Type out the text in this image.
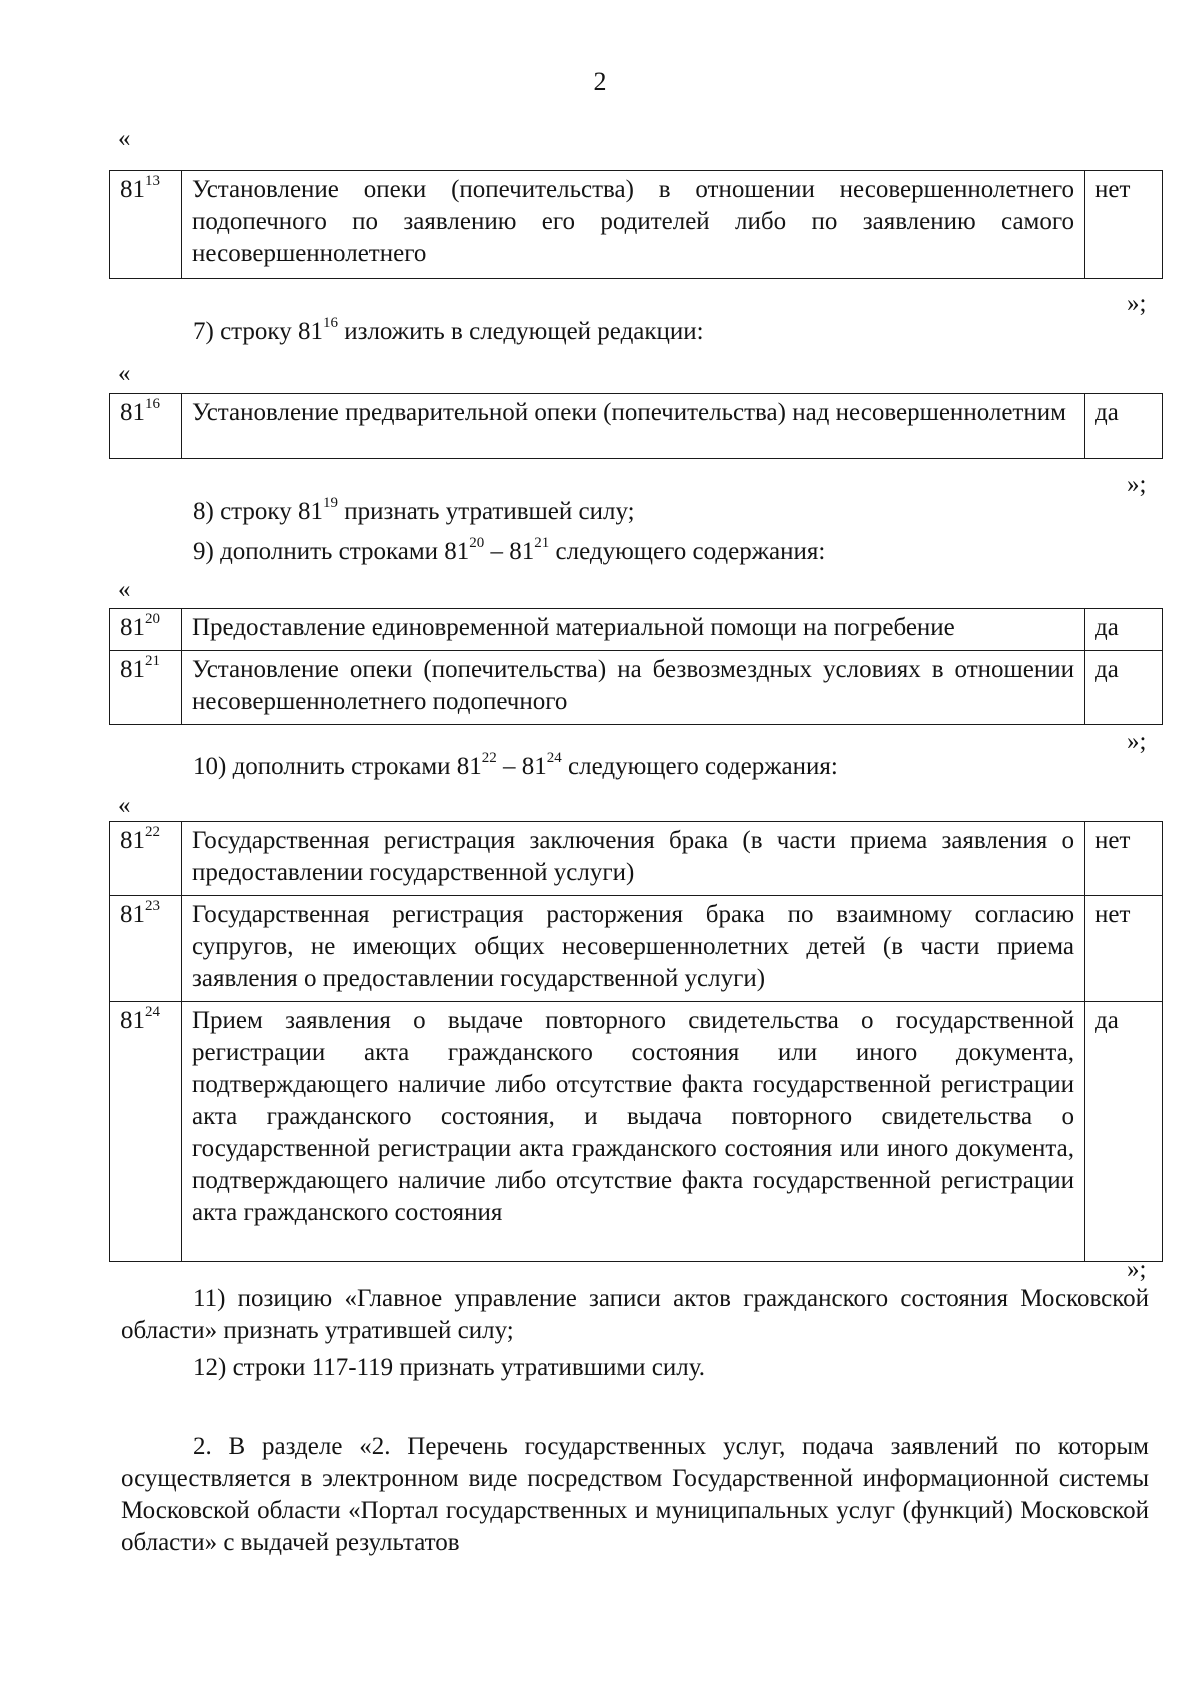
2
«
$81^{13}$	Установление опеки (попечительства) в отношении несовершеннолетнего подопечного по заявлению его родителей либо по заявлению самого несовершеннолетнего	нет
»;
7) строку $81^{16}$ изложить в следующей редакции:
«
$81^{16}$	Установление предварительной опеки (попечительства) над несовершеннолетним	да
»;
8) строку $81^{19}$ признать утратившей силу;
9) дополнить строками $81^{20} - 81^{21}$ следующего содержания:
«
$81^{20}$	Предоставление единовременной материальной помощи на погребение	да
$81^{21}$	Установление опеки (попечительства) на безвозмездных условиях в отношении несовершеннолетнего подопечного	да
»;
10) дополнить строками $81^{22} - 81^{24}$ следующего содержания:
«
$81^{22}$	Государственная регистрация заключения брака (в части приема заявления о предоставлении государственной услуги)	нет
$81^{23}$	Государственная регистрация расторжения брака по взаимному согласию супругов, не имеющих общих несовершеннолетних детей (в части приема заявления о предоставлении государственной услуги)	нет
$81^{24}$	Прием заявления о выдаче повторного свидетельства о государственной регистрации акта гражданского состояния или иного документа, подтверждающего наличие либо отсутствие факта государственной регистрации акта гражданского состояния, и выдача повторного свидетельства о государственной регистрации акта гражданского состояния или иного документа, подтверждающего наличие либо отсутствие факта государственной регистрации акта гражданского состояния	да
»;
11) позицию «Главное управление записи актов гражданского состояния Московской области» признать утратившей силу;
12) строки 117-119 признать утратившими силу.
2. В разделе «2. Перечень государственных услуг, подача заявлений по которым осуществляется в электронном виде посредством Государственной информационной системы Московской области «Портал государственных и муниципальных услуг (функций) Московской области» с выдачей результатов
